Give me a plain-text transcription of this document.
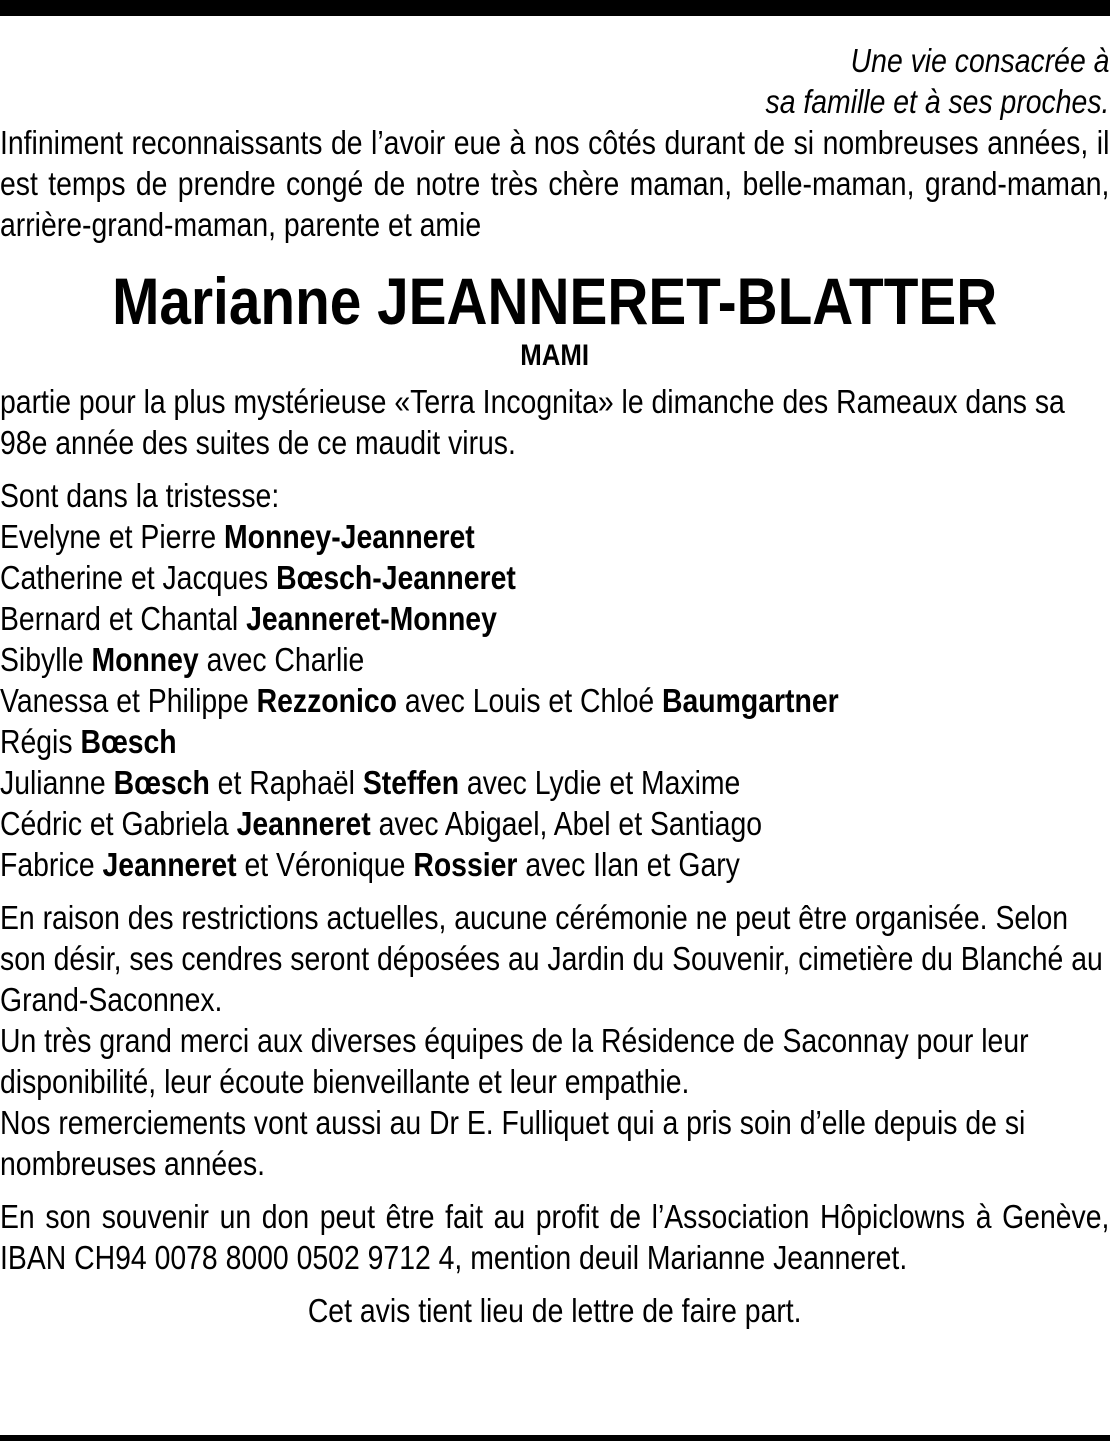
Une vie consacrée à
sa famille et à ses proches.

Infiniment reconnaissants de l’avoir eue à nos côtés durant de si nombreuses années, il est temps de prendre congé de notre très chère maman, belle-maman, grand-maman, arrière-grand-maman, parente et amie

Marianne JEANNERET-BLATTER
MAMI

partie pour la plus mystérieuse «Terra Incognita» le dimanche des Rameaux dans sa 98e année des suites de ce maudit virus.

Sont dans la tristesse:
Evelyne et Pierre Monney-Jeanneret
Catherine et Jacques Bœsch-Jeanneret
Bernard et Chantal Jeanneret-Monney
Sibylle Monney avec Charlie
Vanessa et Philippe Rezzonico avec Louis et Chloé Baumgartner
Régis Bœsch
Julianne Bœsch et Raphaël Steffen avec Lydie et Maxime
Cédric et Gabriela Jeanneret avec Abigael, Abel et Santiago
Fabrice Jeanneret et Véronique Rossier avec Ilan et Gary

En raison des restrictions actuelles, aucune cérémonie ne peut être organisée. Selon son désir, ses cendres seront déposées au Jardin du Souvenir, cimetière du Blanché au Grand-Saconnex.

Un très grand merci aux diverses équipes de la Résidence de Saconnay pour leur disponibilité, leur écoute bienveillante et leur empathie.

Nos remerciements vont aussi au Dr E. Fulliquet qui a pris soin d’elle depuis de si nombreuses années.

En son souvenir un don peut être fait au profit de l’Association Hôpiclowns à Genève, IBAN CH94 0078 8000 0502 9712 4, mention deuil Marianne Jeanneret.

Cet avis tient lieu de lettre de faire part.
